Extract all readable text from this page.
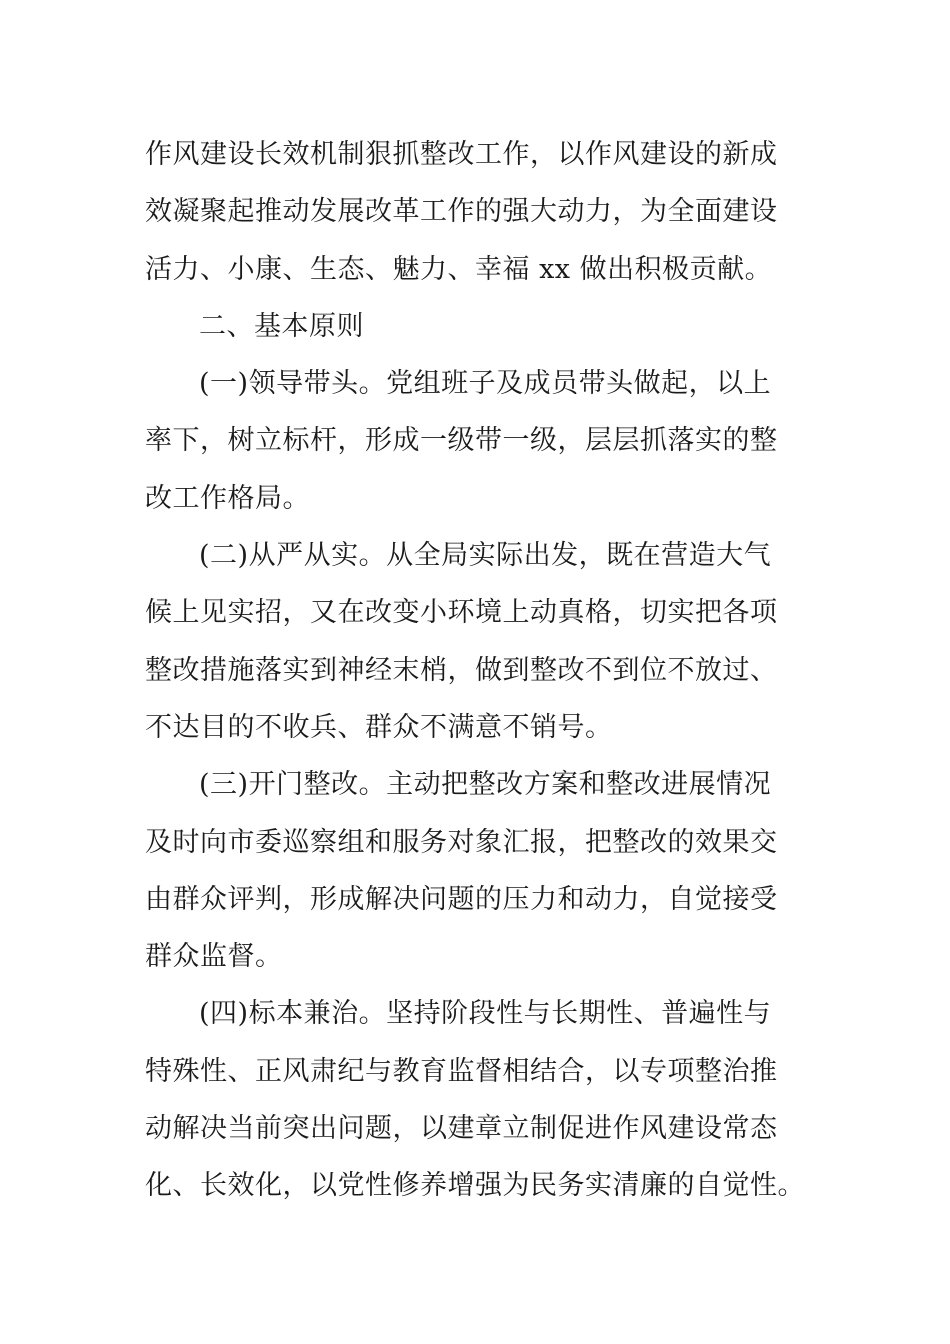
作风建设长效机制狠抓整改工作，以作风建设的新成
效凝聚起推动发展改革工作的强大动力，为全面建设
活力、小康、生态、魅力、幸福 xx 做出积极贡献。
二、基本原则
(一)领导带头。党组班子及成员带头做起，以上
率下，树立标杆，形成一级带一级，层层抓落实的整
改工作格局。
(二)从严从实。从全局实际出发，既在营造大气
候上见实招，又在改变小环境上动真格，切实把各项
整改措施落实到神经末梢，做到整改不到位不放过、
不达目的不收兵、群众不满意不销号。
(三)开门整改。主动把整改方案和整改进展情况
及时向市委巡察组和服务对象汇报，把整改的效果交
由群众评判，形成解决问题的压力和动力，自觉接受
群众监督。
(四)标本兼治。坚持阶段性与长期性、普遍性与
特殊性、正风肃纪与教育监督相结合，以专项整治推
动解决当前突出问题，以建章立制促进作风建设常态
化、长效化，以党性修养增强为民务实清廉的自觉性。
